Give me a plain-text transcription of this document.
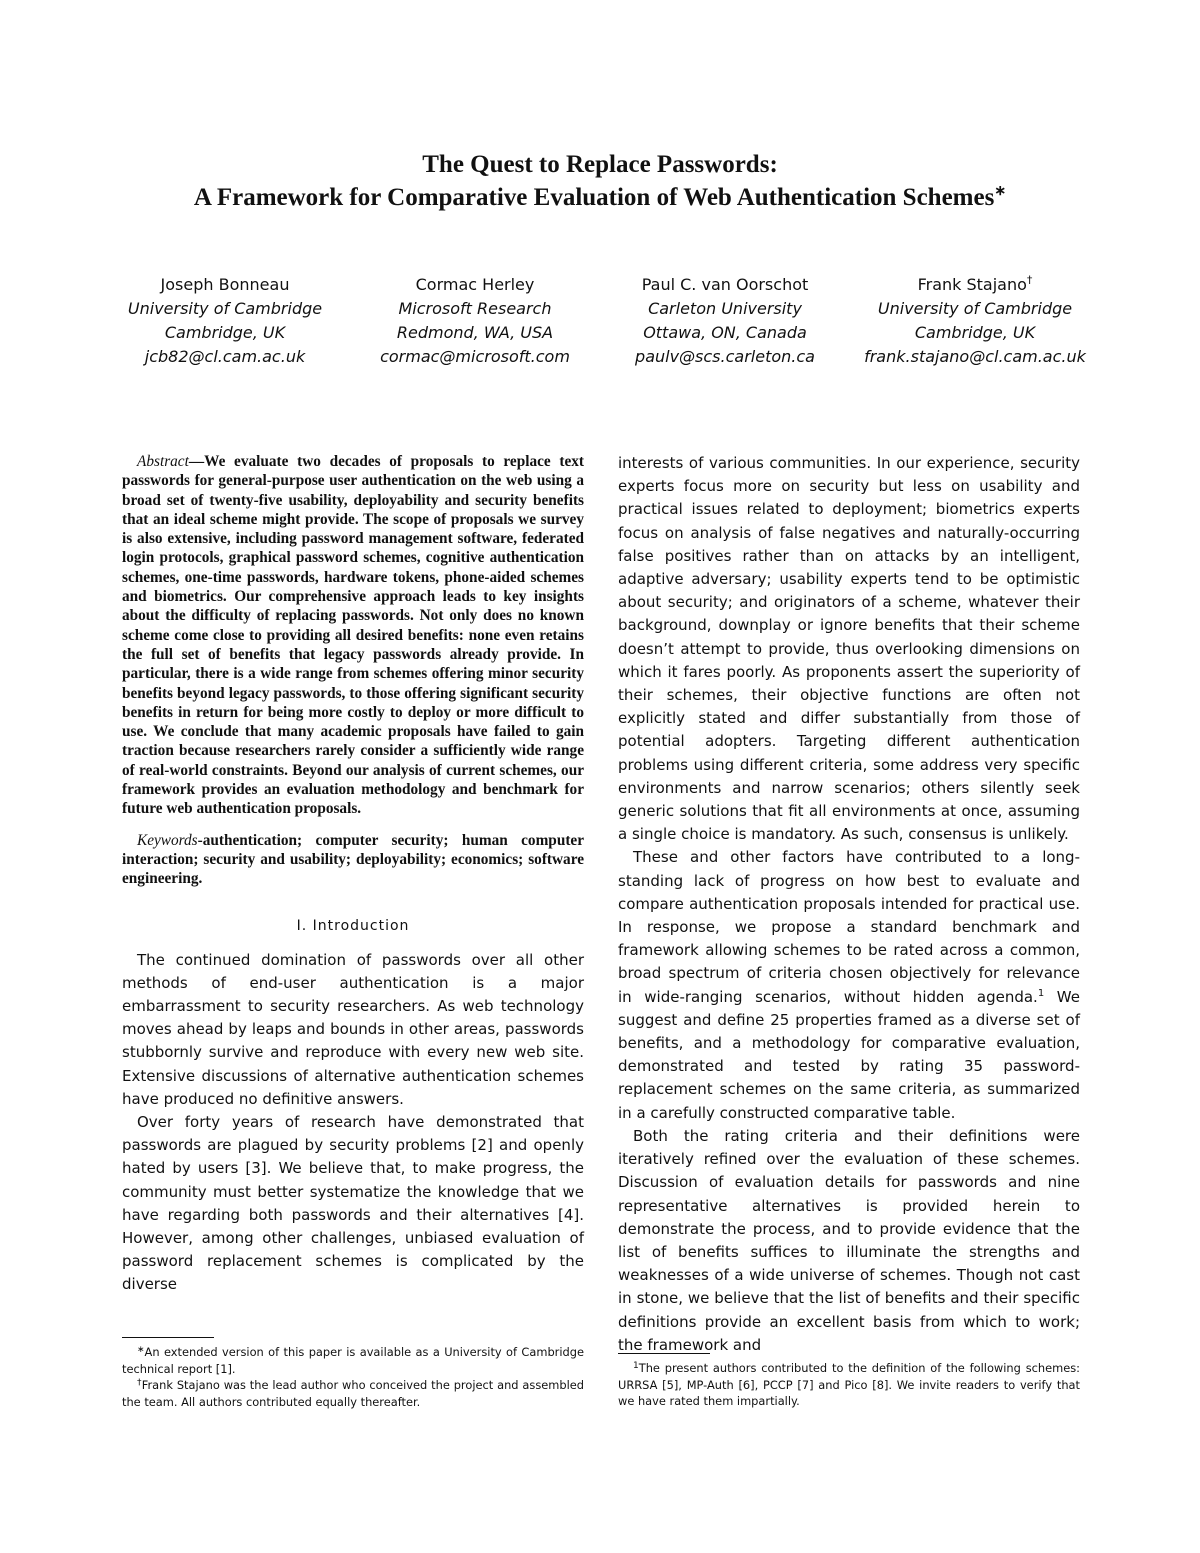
The Quest to Replace Passwords:

A Framework for Comparative Evaluation of Web Authentication Schemes∗

Joseph Bonneau
University of Cambridge
Cambridge, UK
jcb82@cl.cam.ac.uk
Cormac Herley
Microsoft Research
Redmond, WA, USA
cormac@microsoft.com
Paul C. van Oorschot
Carleton University
Ottawa, ON, Canada
paulv@scs.carleton.ca
Frank Stajano†
University of Cambridge
Cambridge, UK
frank.stajano@cl.cam.ac.uk

Abstract—We evaluate two decades of proposals to replace text passwords for general-purpose user authentication on the web using a broad set of twenty-five usability, deployability and security benefits that an ideal scheme might provide. The scope of proposals we survey is also extensive, including password management software, federated login protocols, graphical password schemes, cognitive authentication schemes, one-time passwords, hardware tokens, phone-aided schemes and biometrics. Our comprehensive approach leads to key insights about the difficulty of replacing passwords. Not only does no known scheme come close to providing all desired benefits: none even retains the full set of benefits that legacy passwords already provide. In particular, there is a wide range from schemes offering minor security benefits beyond legacy passwords, to those offering significant security benefits in return for being more costly to deploy or more difficult to use. We conclude that many academic proposals have failed to gain traction because researchers rarely consider a sufficiently wide range of real-world constraints. Beyond our analysis of current schemes, our framework provides an evaluation methodology and benchmark for future web authentication proposals.

Keywords-authentication; computer security; human computer interaction; security and usability; deployability; economics; software engineering.

I. Introduction

The continued domination of passwords over all other methods of end-user authentication is a major embarrassment to security researchers. As web technology moves ahead by leaps and bounds in other areas, passwords stubbornly survive and reproduce with every new web site. Extensive discussions of alternative authentication schemes have produced no definitive answers.

Over forty years of research have demonstrated that passwords are plagued by security problems [2] and openly hated by users [3]. We believe that, to make progress, the community must better systematize the knowledge that we have regarding both passwords and their alternatives [4]. However, among other challenges, unbiased evaluation of password replacement schemes is complicated by the diverse

interests of various communities. In our experience, security experts focus more on security but less on usability and practical issues related to deployment; biometrics experts focus on analysis of false negatives and naturally-occurring false positives rather than on attacks by an intelligent, adaptive adversary; usability experts tend to be optimistic about security; and originators of a scheme, whatever their background, downplay or ignore benefits that their scheme doesn’t attempt to provide, thus overlooking dimensions on which it fares poorly. As proponents assert the superiority of their schemes, their objective functions are often not explicitly stated and differ substantially from those of potential adopters. Targeting different authentication problems using different criteria, some address very specific environments and narrow scenarios; others silently seek generic solutions that fit all environments at once, assuming a single choice is mandatory. As such, consensus is unlikely.

These and other factors have contributed to a long-standing lack of progress on how best to evaluate and compare authentication proposals intended for practical use. In response, we propose a standard benchmark and framework allowing schemes to be rated across a common, broad spectrum of criteria chosen objectively for relevance in wide-ranging scenarios, without hidden agenda.$^1$ We suggest and define 25 properties framed as a diverse set of benefits, and a methodology for comparative evaluation, demonstrated and tested by rating 35 password-replacement schemes on the same criteria, as summarized in a carefully constructed comparative table.

Both the rating criteria and their definitions were iteratively refined over the evaluation of these schemes. Discussion of evaluation details for passwords and nine representative alternatives is provided herein to demonstrate the process, and to provide evidence that the list of benefits suffices to illuminate the strengths and weaknesses of a wide universe of schemes. Though not cast in stone, we believe that the list of benefits and their specific definitions provide an excellent basis from which to work; the framework and

∗An extended version of this paper is available as a University of Cambridge technical report [1].

†Frank Stajano was the lead author who conceived the project and assembled the team. All authors contributed equally thereafter.

$^1$The present authors contributed to the definition of the following schemes: URRSA [5], MP-Auth [6], PCCP [7] and Pico [8]. We invite readers to verify that we have rated them impartially.
